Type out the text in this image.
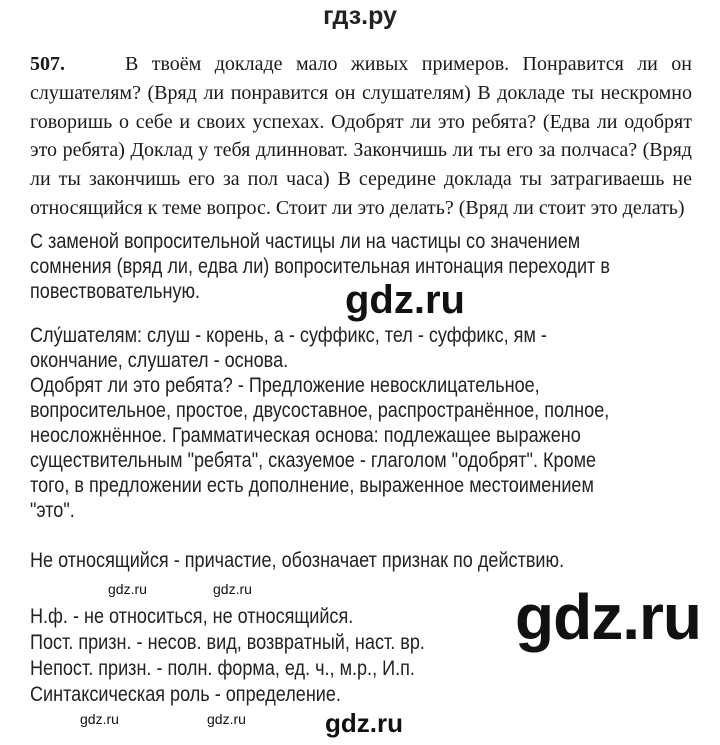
гдз.ру
507.	В твоём докладе мало живых примеров. Понравится ли он
слушателям? (Вряд ли понравится он слушателям) В докладе ты нескромно
говоришь о себе и своих успехах. Одобрят ли это ребята? (Едва ли одобрят
это ребята) Доклад у тебя длинноват. Закончишь ли ты его за полчаса? (Вряд
ли ты закончишь его за пол часа) В середине доклада ты затрагиваешь не
относящийся к теме вопрос. Стоит ли это делать? (Вряд ли стоит это делать)
С заменой вопросительной частицы ли на частицы со значением
сомнения (вряд ли, едва ли) вопросительная интонация переходит в
повествовательную.	gdz.ru
Слу́шателям: слуш - корень, а - суффикс, тел - суффикс, ям -
окончание, слушател - основа.
Одобрят ли это ребята? - Предложение невосклицательное,
вопросительное, простое, двусоставное, распространённое, полное,
неосложнённое. Грамматическая основа: подлежащее выражено
существительным "ребята", сказуемое - глаголом "одобрят". Кроме
того, в предложении есть дополнение, выраженное местоимением
"это".
Не относящийся - причастие, обозначает признак по действию.
Н.ф. - не относиться, не относящийся.
Пост. призн. - несов. вид, возвратный, наст. вр.
Непост. призн. - полн. форма, ед. ч., м.р., И.п.
Синтаксическая роль - определение.
gdz.ru	gdz.ru
gdz.ru	gdz.ru
gdz.ru
gdz.ru
